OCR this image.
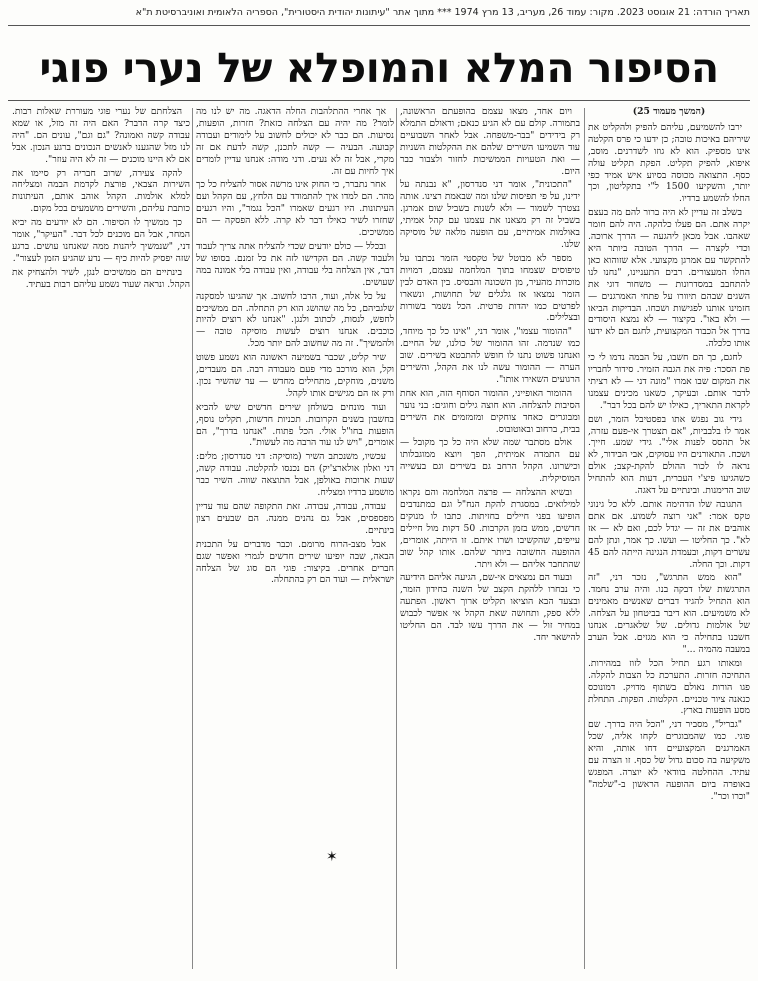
תאריך הורדה: 21 אוגוסט 2023. מקור: עמוד 26, מעריב, 13 מרץ 1974 *** מתוך אתר "עיתונות יהודית היסטורית", הספריה הלאומית ואוניברסיטת ת"א
הסיפור המלא והמופלא של נערי פוגי

(המשך מעמוד 25)

ירבו להשמיעם, עליהם להפיק ולהקליט את שיריהם באיכות טובה; כן ידעו כי פרס הקלטה אינו מספיק. הוא לא גוזו לשדרנים. מוסב, איפוא, להפיק תקליט. הפקת תקליט עולה כסף. התצואה מכוסה בסיוע איש אמיד כפי יותר, והשקיעו 1500 ל"י בתקליטון, וכך החלו להשמע ברדיו.

בשלב זה עדיין לא היה ברור להם מה בעצם יקרה אתם. הם פעלו כלהקה. היה להם חומר שאהבו. אבל מכאן ליהגעה — הדרך ארוכה. וכדי לקצרה — הדרך הטובה ביותר היא להתקשר עם אמרגן מקצועי. אלא שזוהוא כאן החלו המעצורים. רבים התעניינו, "נחנו לנו להתחבב במסדרונות — משחור דוגי את השגים שבהם תיוורו על פתחי האמרגנים — חזמינו אותנו לפגישות ושכחו. הבדיקות הביאו — ולא באו". בקיצור — לא נמצא היסודים בדרך אל הכבוד המקצועית, לחגם הם לא ידעו אותו כלכלה.

לחגם, כך הם חשבו, על הבמה נדמו לי כי פת הסכר: פיה את הגבה הזמיר. סידור לחבריו את המקום שבו אמרו "מונה דני — לא רציתי לדבר אותם. ובעיקר, כשאנו מכינים עצמנו לקראת התאריך, כאילו יש להם בכל דבר".

גידי גוב נפגש אתו בפסטיבל הזמר, ושם אמר לו בלבביות, "אם תצטרך אי-פעם עזרה, אל תהסס לפנות אלי". גידי שמע. חייך. ושכח. התאורנים היו עסוקים, אבי הבידור, לא נראה לו לכור ההולם להקת-קצב; אולם כשהגיעו פיצ'י העברית, דעות הוא להתחיל שוב הדימנות. ובינתיים על דאגה.

התגובה שלו הדהימה אותם. ללא כל גינוני טקס אמר: "אני רוצה לשמוע. אם אתם אוהבים את זה — יגדל לכם, ואם לא — אז לא". כך החליטו — ועשו. כך אמר, ונתן להם עשרים דקות, ובעמדת הנגינה הייתה להם 45 דקות. וכך החלה.

"הוא ממש התרגש", נזכר דני, "זה התרגשות שלו דבקה בנו. והיה ערב נחמד. הוא התחיל להגיד דברים שאנשים מאמינים לא משמיעים. הוא דיבר בביטחון על הצלחה. של אולמות גדולים. של שלאגרים. אנחנו חשבנו בתחילה כי הוא מגזים. אבל הערב במעבה מהמיה ..."

ומאותו רגע תחיל הכל לזוז במהירות. התחיכה חזרות. התערכת כל הצבות להקלה. פגו הורות נאולם בשתוף מדויק. דמונוכס כנאנה ציור טכניים. הקלטות. הפקות. התחלת מסע הופעות בארץ.

"גבריל", מסביר דני, "הכל היה בדרך. שם פוגי. כמו שהמבוגרים לקחו אליה, שכל האמרגנים המקצועיים דחו אותה, והיא משקיעה בה סכום גדול של כסף. זו הצרה עם עתיד. ההחלטה בוודאי לא יוצרה. המפגש באופרה ביום ההופעה הראשון ב-"שלמה" "וכרו וכר".

ויום אחד, מצאו עצמם בהופעתם הראשונה, בתמורה. קולם עם לא הגיע כנאם; ודאולם התמלא רק בידידים "בבר-משפחה. אבל לאחר השבועיים עוד השמיעו השירים שלהם את ההקלטות השניות — ואת הטעויות הממשיכות לחזור ולצבור כבר היום.

"התכונית", אומר דני סנדרסון, "א נבנתה על ידינו, על פי תפיסות שלנו ומה שבאמת רצינו. אותה נצטרך לשמור — ולא לשנות בשביל שום אמרגן. בשביל זה רק מצאנו את עצמנו עם קהל אמיתי, באולמות אמיתיים, עם הופעה מלאה של מוסיקה שלנו.

מספר לא מבוטל של טקסטי הזמר נכתבו על טיפוסים שצמחו בתוך המלחמה עצמם, דמויות מוכרות מהעיר, מן השכונה והבסיס. בין האדם לבין הזמר נמצאו אז גלגלים של תחושות, ונשארו לפרטים כמו יהדות פרטית. הכל נשמר בשורות ובצלילים.

"ההומור עצמו", אומר דני, "אינו כל כך מיוחד, כמו שנדמה. זהו ההומור של כולנו, של החיים. ואנחנו פשוט נתנו לו חופש להתבטא בשירים. שוב הערה — ההומור עשה לנו את הקהל, והשירים הרגועים השאירו אותו".

ההומור האופייני, ההומור הסוחף הזה, הוא אחת הסיבות להצלחה. הוא חוצה גילים וחוגים: בני נוער ומבוגרים כאחד צוחקים ומזמזמים את השירים בבית, ברחוב ובאוטובוס.

אולם מסתבר שמה שלא היה כל כך מקובל — עם התמדה אמיתית, הפך ויוצא ממוגבלותו וכישרונו. הקהל הרחב גם בשירים וגם בעשייה המוסיקלית.

ובשיא ההצלחה — פרצה המלחמה והם נקראו למילואים. במסגרת להקת הנח"ל וגם כמתנדבים הופיעו בפני חיילים בחזיתות. כתבו לו מנוקים חדשים, ממש בזמן הקרבות. 50 דקות מול חיילים עייפים, שהקשיבו ושרו איתם. זו הייתה, אומרים, ההופעה החשובה ביותר שלהם. אותו קהל שוב שהתחבר אליהם — ולא ויתר.

ובעוד הם נמצאים אי-שם, הגיעה אליהם הידיעה כי נבחרו ללהקת הקצב של השנה בחידון הזמר, ובצעד הבא הוציאו תקליט ארוך ראשון. הפתעה ללא ספק, ותחושה שאת הקהל אי אפשר לכבוש במחיר זול — את הדרך עשו לבד. הם החליטו להישאר יחד.

אך אחרי ההתלהבות החלה הדאגה. מה יש לנו מה לומר? מה יהיה עם הצלחה כזאת? חזרות, הופעות, נסיעות. הם כבר לא יכולים לחשוב על לימודים ועבודה קבועה. הבעיה — קשה לתכנן, קשה לדעת אם זה מקרי, אבל זה לא נעים. ודני מודה: אנחנו עדיין לומדים איך לחיות עם זה.

אחר נתברר, כי החוק אינו מרשה אסור להצליח כל כך מהר. הם למדו איך להתמודד עם הלחץ, עם הקהל ועם העיתונות. היו רגעים שאמרו "הכל נגמר", והיו רגעים שחזרו לשיר כאילו דבר לא קרה. ללא הפסקה — הם ממשיכים.

ובכלל — כולם יודעים שכדי להצליח אתה צריך לעבוד ולעבוד קשה. הם הקדישו לזה את כל זמנם. בסופו של דבר, אין הצלחה בלי עבודה, ואין עבודה בלי אמונה במה שעושים.

על כל אלה, ועוד, הרבו לחשוב. אך שהגיעו למסקנה שלגביהם, כל מה שהושג הוא רק התחלה. הם ממשיכים לחפש, לנסות, לכתוב ולנגן. "אנחנו לא רוצים להיות כוכבים. אנחנו רוצים לעשות מוסיקה טובה — ולהמשיך". זה מה שחשוב להם יותר מכל.

שיר קליט, שכבר בשמיעה ראשונה הוא נשמע פשוט וקל, הוא מורכב מדי פעם מעבודה רבה. הם מעבדים, משנים, מוחקים, מתחילים מחדש — עד שהשיר נכון. ורק אז הם מגישים אותו לקהל.

ועוד מונחים בשולחן שירים חדשים שיש להביא בחשבון בשנים הקרובות. תכניות חדשות, תקליט נוסף, הופעות בחו"ל אולי. הכל פתוח. "אנחנו בדרך", הם אומרים, "ויש לנו עוד הרבה מה לעשות".

עכשיו, משנכתב השיר (מוסיקה: דני סנדרסון; מלים: דני ואלון אולארצ'יק) הם נכנסו להקלטה. עבודה קשה, שעות ארוכות באולפן, אבל התוצאה שווה. השיר כבר מושמע ברדיו ומצליח.

עבודה, עבודה, עבודה. זאת התקופה שהם עוד עדיין מפספסים, אבל גם נהנים ממנה. הם שבעים רצון בינתיים.

אבל מצב-הרוח מרומם. וכבר מדברים על התכנית הבאה, שבה יופיעו שירים חדשים לגמרי ואפשר שגם חברים אחרים. בקיצור: פוגי הם סוג של הצלחה ישראלית — ועוד הם רק בהתחלה.

הצלחתם של נערי פוגי מעוררת שאלות רבות. כיצד קרה הדבר? האם היה זה מזל, או שמא עבודה קשה ואמונה? "גם וגם", עונים הם. "היה לנו מזל שהגענו לאנשים הנכונים ברגע הנכון. אבל אם לא היינו מוכנים — זה לא היה עוזר".

להקה צעירה, שרוב חבריה רק סיימו את השירות הצבאי, פורצת לקדמת הבמה ומצליחה למלא אולמות. הקהל אוהב אותם, העיתונות כותבת עליהם, והשירים מושמעים בכל מקום.

כך ממשיך לו הסיפור. הם לא יודעים מה יביא המחר, אבל הם מוכנים לכל דבר. "העיקר", אומר דני, "שנמשיך ליהנות ממה שאנחנו עושים. ברגע שזה יפסיק להיות כיף — נדע שהגיע הזמן לעצור".

בינתיים הם ממשיכים לנגן, לשיר ולהצחיק את הקהל. ונראה שעוד נשמע עליהם רבות בעתיד.

✶
